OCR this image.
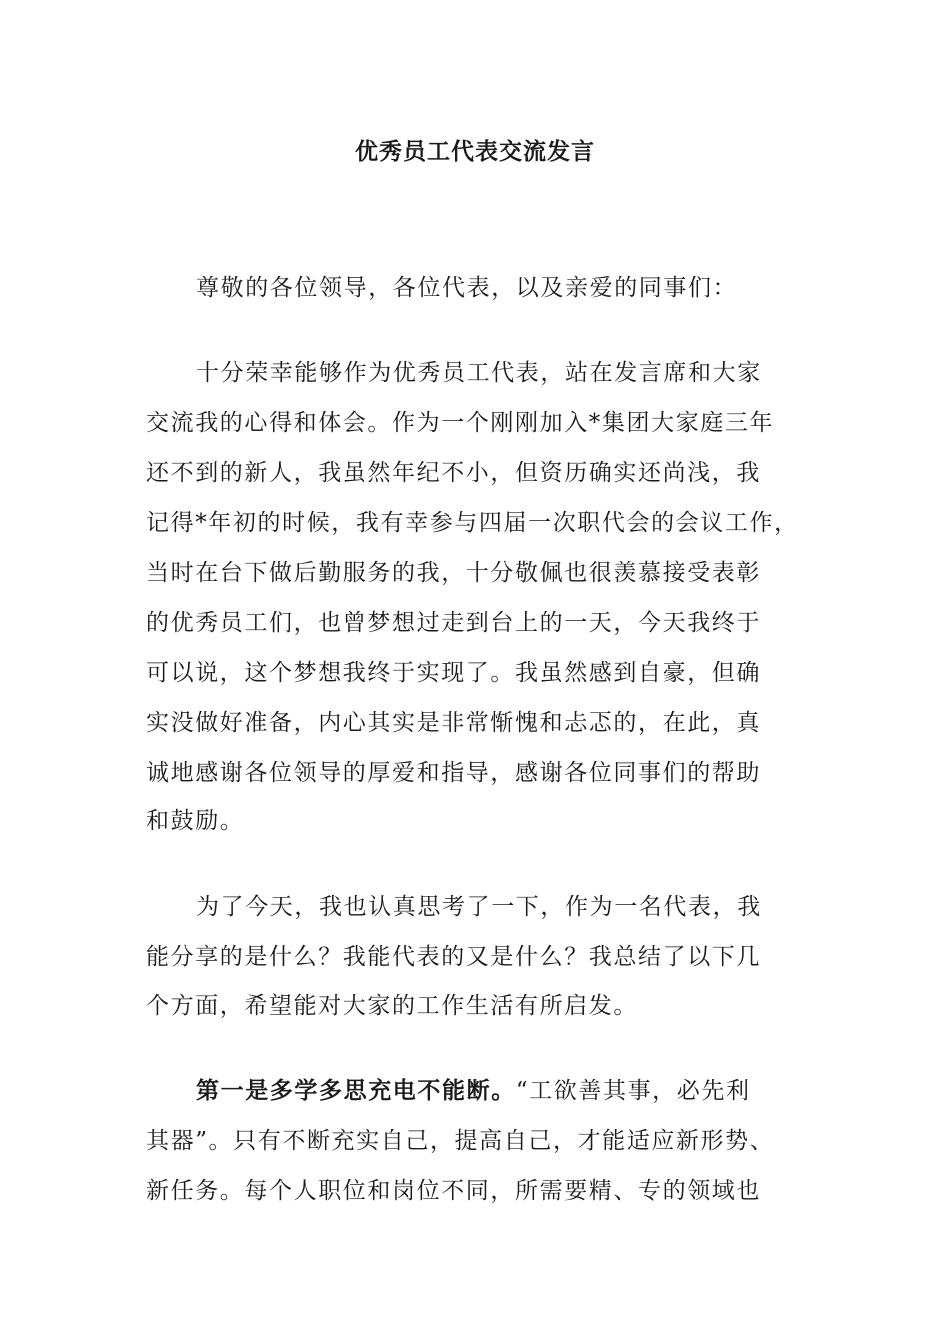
优秀员工代表交流发言
尊敬的各位领导，各位代表，以及亲爱的同事们：
十分荣幸能够作为优秀员工代表，站在发言席和大家
交流我的心得和体会。作为一个刚刚加入*集团大家庭三年
还不到的新人，我虽然年纪不小，但资历确实还尚浅，我
记得*年初的时候，我有幸参与四届一次职代会的会议工作，
当时在台下做后勤服务的我，十分敬佩也很羡慕接受表彰
的优秀员工们，也曾梦想过走到台上的一天，今天我终于
可以说，这个梦想我终于实现了。我虽然感到自豪，但确
实没做好准备，内心其实是非常惭愧和忐忑的，在此，真
诚地感谢各位领导的厚爱和指导，感谢各位同事们的帮助
和鼓励。
为了今天，我也认真思考了一下，作为一名代表，我
能分享的是什么？我能代表的又是什么？我总结了以下几
个方面，希望能对大家的工作生活有所启发。
第一是多学多思充电不能断。“工欲善其事，必先利
其器”。只有不断充实自己，提高自己，才能适应新形势、
新任务。每个人职位和岗位不同，所需要精、专的领域也
